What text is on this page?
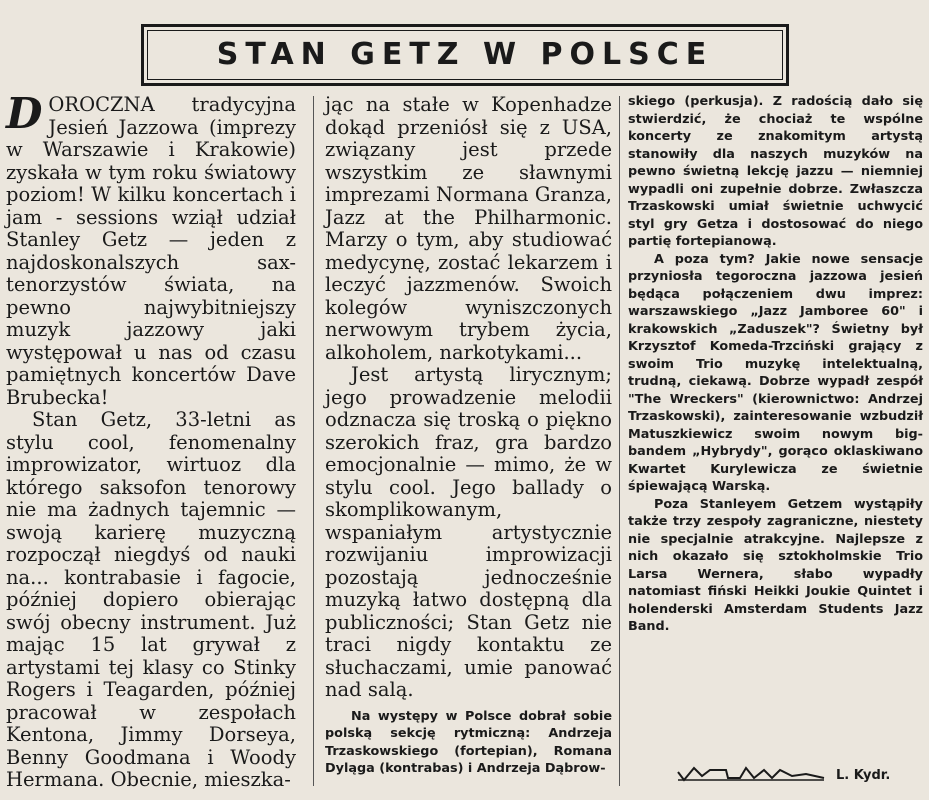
STAN GETZ W POLSCE

DOROCZNA tradycyjna Jesień Jazzowa (imprezy w Warszawie i Krakowie) zyskała w tym roku światowy poziom! W kilku koncertach i jam - sessions wziął udział Stanley Getz — jeden z najdoskonalszych sax-tenorzystów świata, na pewno najwybitniejszy muzyk jazzowy jaki występował u nas od czasu pamiętnych koncertów Dave Brubecka!

Stan Getz, 33-letni as stylu cool, fenomenalny improwizator, wirtuoz dla którego saksofon tenorowy nie ma żadnych tajemnic — swoją karierę muzyczną rozpoczął niegdyś od nauki na... kontrabasie i fagocie, później dopiero obierając swój obecny instrument. Już mając 15 lat grywał z artystami tej klasy co Stinky Rogers i Teagarden, później pracował w zespołach Kentona, Jimmy Dorseya, Benny Goodmana i Woody Hermana. Obecnie, mieszka-

jąc na stałe w Kopenhadze dokąd przeniósł się z USA, związany jest przede wszystkim ze sławnymi imprezami Normana Granza, Jazz at the Philharmonic. Marzy o tym, aby studiować medycynę, zostać lekarzem i leczyć jazzmenów. Swoich kolegów wyniszczonych nerwowym trybem życia, alkoholem, narkotykami...

Jest artystą lirycznym; jego prowadzenie melodii odznacza się troską o piękno szerokich fraz, gra bardzo emocjonalnie — mimo, że w stylu cool. Jego ballady o skomplikowanym, wspaniałym artystycznie rozwijaniu improwizacji pozostają jednocześnie muzyką łatwo dostępną dla publiczności; Stan Getz nie traci nigdy kontaktu ze słuchaczami, umie panować nad salą.

Na występy w Polsce dobrał sobie polską sekcję rytmiczną: Andrzeja Trzaskowskiego (fortepian), Romana Dyląga (kontrabas) i Andrzeja Dąbrow-

skiego (perkusja). Z radością dało się stwierdzić, że chociaż te wspólne koncerty ze znakomitym artystą stanowiły dla naszych muzyków na pewno świetną lekcję jazzu — niemniej wypadli oni zupełnie dobrze. Zwłaszcza Trzaskowski umiał świetnie uchwycić styl gry Getza i dostosować do niego partię fortepianową.

A poza tym? Jakie nowe sensacje przyniosła tegoroczna jazzowa jesień będąca połączeniem dwu imprez: warszawskiego „Jazz Jamboree 60" i krakowskich „Zaduszek"? Świetny był Krzysztof Komeda-Trzciński grający z swoim Trio muzykę intelektualną, trudną, ciekawą. Dobrze wypadł zespół "The Wreckers" (kierownictwo: Andrzej Trzaskowski), zainteresowanie wzbudził Matuszkiewicz swoim nowym big-bandem „Hybrydy", gorąco oklaskiwano Kwartet Kurylewicza ze świetnie śpiewającą Warską.

Poza Stanleyem Getzem wystąpiły także trzy zespoły zagraniczne, niestety nie specjalnie atrakcyjne. Najlepsze z nich okazało się sztokholmskie Trio Larsa Wernera, słabo wypadły natomiast fiński Heikki Joukie Quintet i holenderski Amsterdam Students Jazz Band.

L. Kydr.
